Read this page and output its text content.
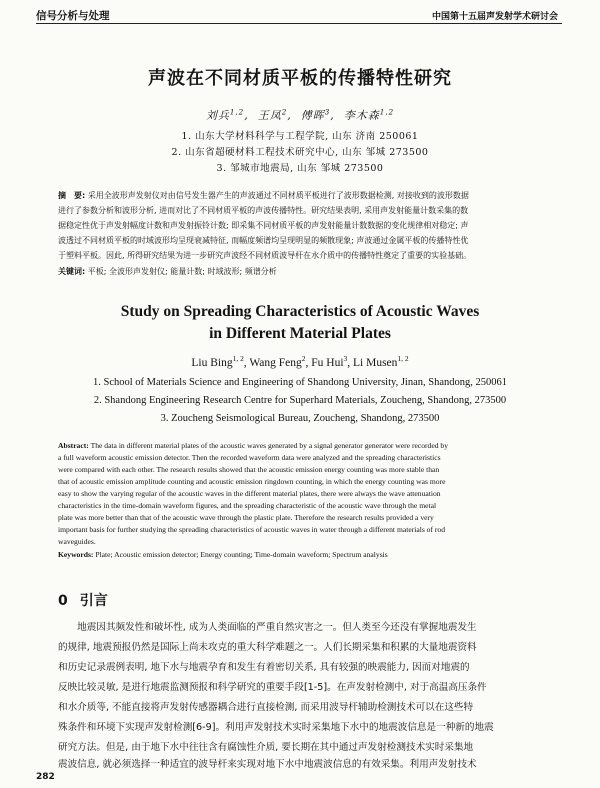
信号分析与处理	中国第十五届声发射学术研讨会
声波在不同材质平板的传播特性研究
刘兵$^{1,2}$,  王凤$^2$,  傅晖$^3$,  李木森$^{1,2}$
1. 山东大学材料科学与工程学院, 山东 济南 250061
2. 山东省超硬材料工程技术研究中心, 山东 邹城 273500
3. 邹城市地震局, 山东 邹城 273500
摘　要: 采用全波形声发射仪对由信号发生器产生的声波通过不同材质平板进行了波形数据检测, 对接收到的波形数据
进行了参数分析和波形分析, 进而对比了不同材质平板的声波传播特性。研究结果表明, 采用声发射能量计数采集的数
据稳定性优于声发射幅度计数和声发射振铃计数; 即采集不同材质平板的声发射能量计数数据的变化规律相对稳定; 声
波透过不同材质平板的时域波形均呈现衰减特征, 而幅度频谱均呈现明显的频散现象; 声波通过金属平板的传播特性优
于塑料平板。因此, 所得研究结果为进一步研究声波经不同材质波导杆在水介质中的传播特性奠定了重要的实验基础。
关键词: 平板; 全波形声发射仪; 能量计数; 时域波形; 频谱分析
Study on Spreading Characteristics of Acoustic Waves
in Different Material Plates
Liu Bing$^{1, 2}$, Wang Feng$^2$, Fu Hui$^3$, Li Musen$^{1, 2}$
1. School of Materials Science and Engineering of Shandong University, Jinan, Shandong, 250061
2. Shandong Engineering Research Centre for Superhard Materials, Zoucheng, Shandong, 273500
3. Zoucheng Seismological Bureau, Zoucheng, Shandong, 273500
Abstract: The data in different material plates of the acoustic waves generated by a signal generator generator were recorded by
a full waveform acoustic emission detector. Then the recorded waveform data were analyzed and the spreading characteristics
were compared with each other. The research results showed that the acoustic emission energy counting was more stable than
that of acoustic emission amplitude counting and acoustic emission ringdown counting, in which the energy counting was more
easy to show the varying regular of the acoustic waves in the different material plates, there were always the wave attenuation
characteristics in the time-domain waveform figures, and the spreading characteristic of the acoustic wave through the metal
plate was more better than that of the acoustic wave through the plastic plate. Therefore the research results provided a very
important basis for further studying the spreading characteristics of acoustic waves in water through a different materials of rod
waveguides.
Keywords: Plate; Acoustic emission detector; Energy counting; Time-domain waveform; Spectrum analysis
0 引言
　　地震因其频发性和破坏性, 成为人类面临的严重自然灾害之一。但人类至今还没有掌握地震发生
的规律, 地震预报仍然是国际上尚未攻克的重大科学难题之一。人们长期采集和积累的大量地震资料
和历史记录震例表明, 地下水与地震孕育和发生有着密切关系, 具有较强的映震能力, 因而对地震的
反映比较灵敏, 是进行地震监测预报和科学研究的重要手段[1-5]。在声发射检测中, 对于高温高压条件
和水介质等, 不能直接将声发射传感器耦合进行直接检测, 而采用波导杆辅助检测技术可以在这些特
殊条件和环境下实现声发射检测[6-9]。利用声发射技术实时采集地下水中的地震波信息是一种新的地震
研究方法。但是, 由于地下水中往往含有腐蚀性介质, 要长期在其中通过声发射检测技术实时采集地
震波信息, 就必须选择一种适宜的波导杆来实现对地下水中地震波信息的有效采集。利用声发射技术
282
